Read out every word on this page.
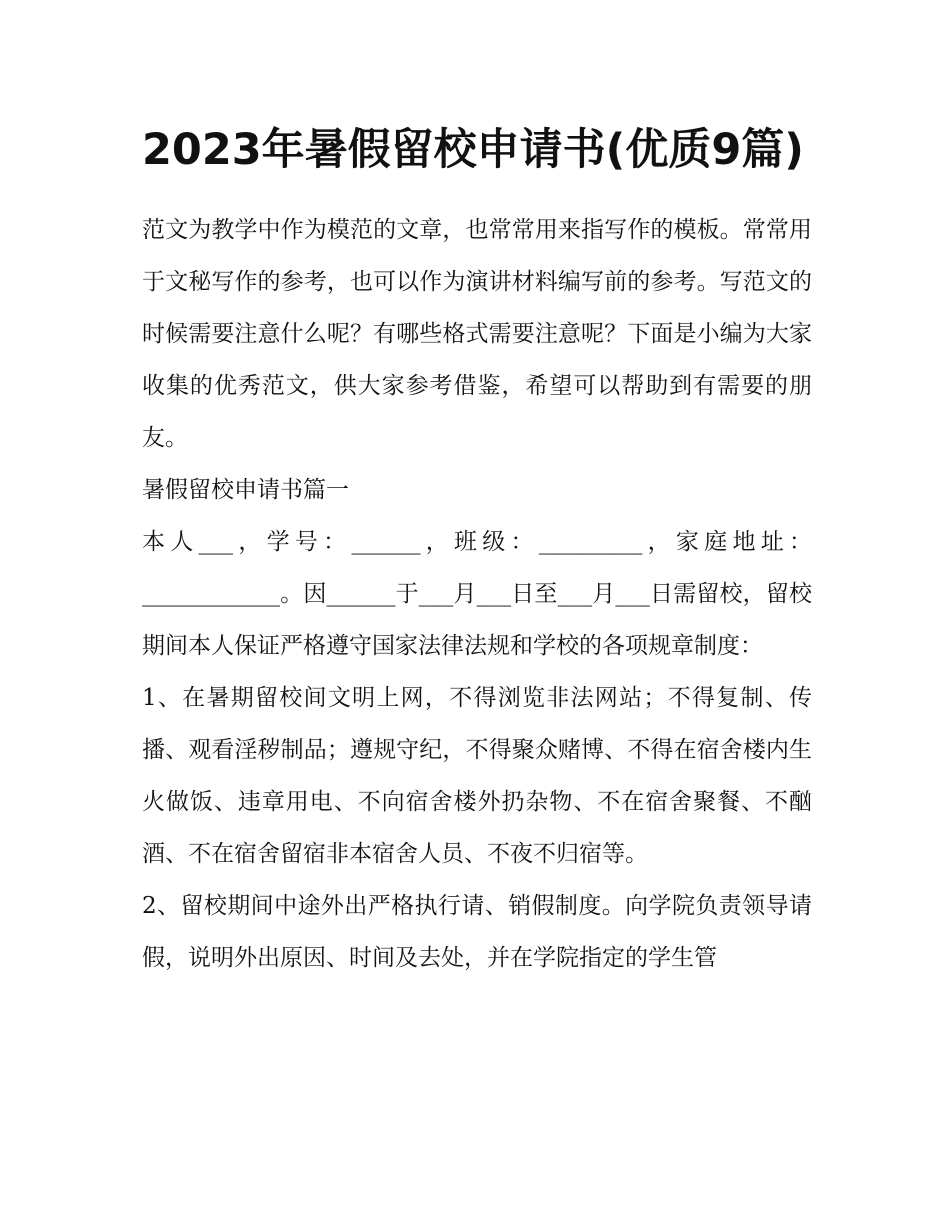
2023年暑假留校申请书(优质9篇)

范文为教学中作为模范的文章，也常常用来指写作的模板。常常用于文秘写作的参考，也可以作为演讲材料编写前的参考。写范文的时候需要注意什么呢？有哪些格式需要注意呢？下面是小编为大家收集的优秀范文，供大家参考借鉴，希望可以帮助到有需要的朋友。

暑假留校申请书篇一

本人___，学号：______，班级：_________，家庭地址：____________。因______于___月___日至___月___日需留校，留校期间本人保证严格遵守国家法律法规和学校的各项规章制度：

1、在暑期留校间文明上网，不得浏览非法网站；不得复制、传播、观看淫秽制品；遵规守纪，不得聚众赌博、不得在宿舍楼内生火做饭、违章用电、不向宿舍楼外扔杂物、不在宿舍聚餐、不酗酒、不在宿舍留宿非本宿舍人员、不夜不归宿等。

2、留校期间中途外出严格执行请、销假制度。向学院负责领导请假，说明外出原因、时间及去处，并在学院指定的学生管
